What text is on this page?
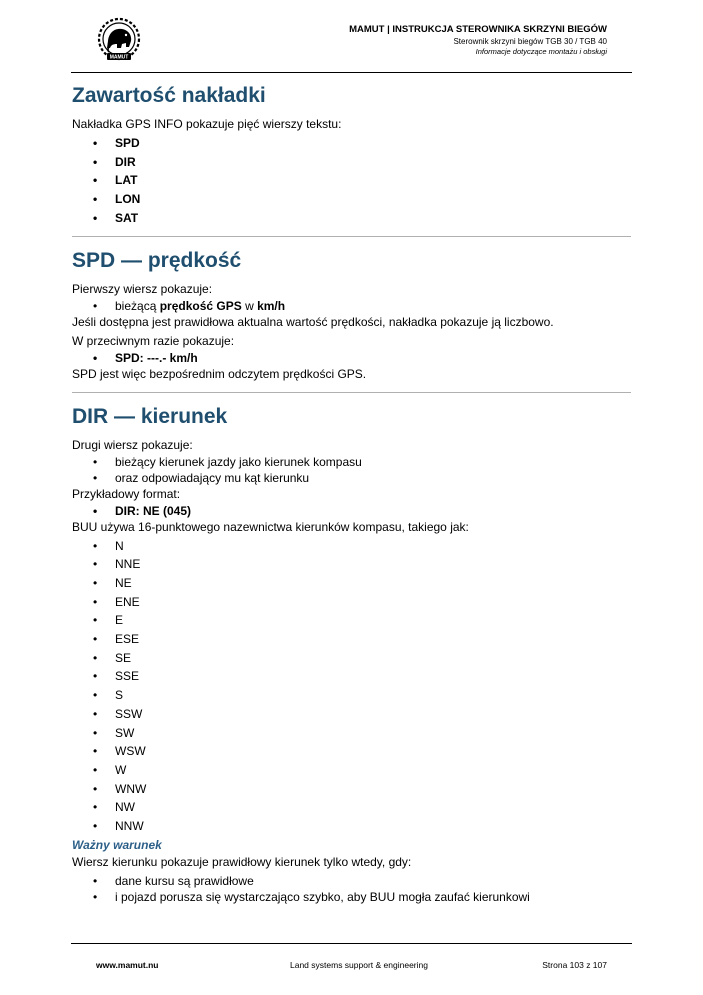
MAMUT
MAMUT | INSTRUKCJA STEROWNIKA SKRZYNI BIEGÓW
Sterownik skrzyni biegów TGB 30 / TGB 40
Informacje dotyczące montażu i obsługi
Zawartość nakładki

Nakładka GPS INFO pokazuje pięć wierszy tekstu:

• SPD
• DIR
• LAT
• LON
• SAT
SPD — prędkość

Pierwszy wiersz pokazuje:

• bieżącą prędkość GPS w km/h

Jeśli dostępna jest prawidłowa aktualna wartość prędkości, nakładka pokazuje ją liczbowo.

W przeciwnym razie pokazuje:

• SPD: ---.- km/h

SPD jest więc bezpośrednim odczytem prędkości GPS.

DIR — kierunek

Drugi wiersz pokazuje:

• bieżący kierunek jazdy jako kierunek kompasu
• oraz odpowiadający mu kąt kierunku

Przykładowy format:

• DIR: NE (045)

BUU używa 16-punktowego nazewnictwa kierunków kompasu, takiego jak:

• N
• NNE
• NE
• ENE
• E
• ESE
• SE
• SSE
• S
• SSW
• SW
• WSW
• W
• WNW
• NW
• NNW
Ważny warunek

Wiersz kierunku pokazuje prawidłowy kierunek tylko wtedy, gdy:

• dane kursu są prawidłowe
• i pojazd porusza się wystarczająco szybko, aby BUU mogła zaufać kierunkowi
www.mamut.nu	Land systems support & engineering	Strona 103 z 107
